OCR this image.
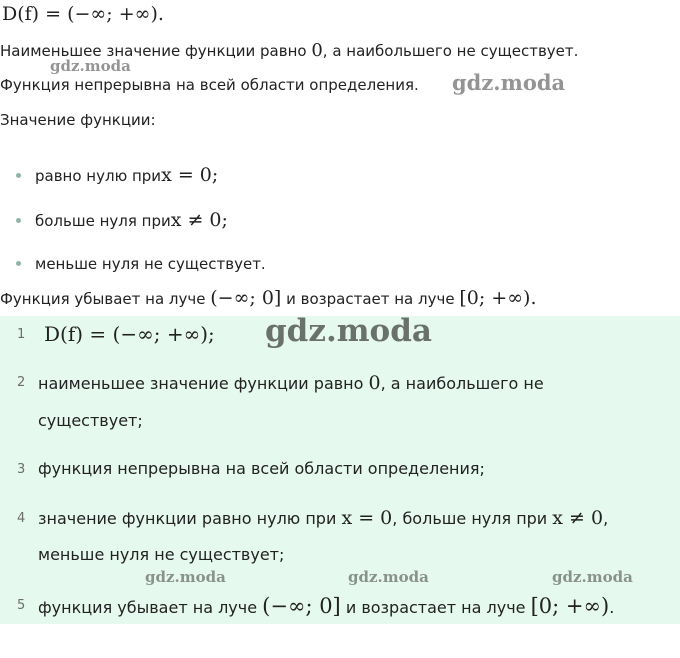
D(f) = (−∞; +∞).
Наименьшее значение функции равно 0, а наибольшего не существует.
Функция непрерывна на всей области определения.
Значение функции:
равно нулю при x = 0;
больше нуля при x ≠ 0;
меньше нуля не существует.
Функция убывает на луче (−∞; 0] и возрастает на луче [0; +∞).
1 D(f) = (−∞; +∞);
2 наименьшее значение функции равно 0, а наибольшего не
существует;
3 функция непрерывна на всей области определения;
4 значение функции равно нулю при x = 0, больше нуля при x ≠ 0,
меньше нуля не существует;
5 функция убывает на луче (−∞; 0] и возрастает на луче [0; +∞).
gdz.moda
gdz.moda
gdz.moda
gdz.moda	gdz.moda	gdz.moda
